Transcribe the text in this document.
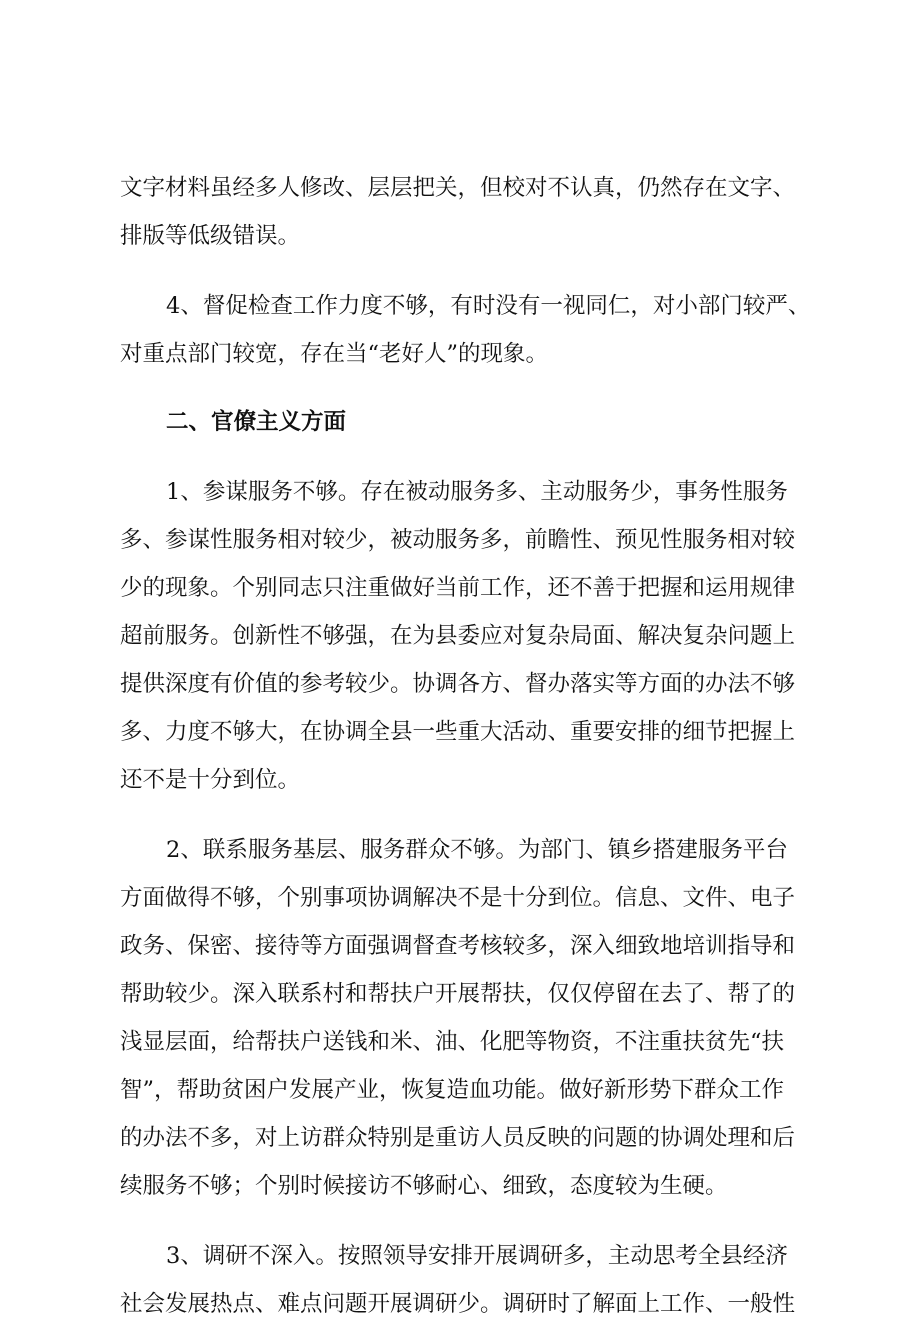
文字材料虽经多人修改、层层把关，但校对不认真，仍然存在文字、
排版等低级错误。
4、督促检查工作力度不够，有时没有一视同仁，对小部门较严、
对重点部门较宽，存在当“老好人”的现象。
二、官僚主义方面
1、参谋服务不够。存在被动服务多、主动服务少，事务性服务
多、参谋性服务相对较少，被动服务多，前瞻性、预见性服务相对较
少的现象。个别同志只注重做好当前工作，还不善于把握和运用规律
超前服务。创新性不够强，在为县委应对复杂局面、解决复杂问题上
提供深度有价值的参考较少。协调各方、督办落实等方面的办法不够
多、力度不够大，在协调全县一些重大活动、重要安排的细节把握上
还不是十分到位。
2、联系服务基层、服务群众不够。为部门、镇乡搭建服务平台
方面做得不够，个别事项协调解决不是十分到位。信息、文件、电子
政务、保密、接待等方面强调督查考核较多，深入细致地培训指导和
帮助较少。深入联系村和帮扶户开展帮扶，仅仅停留在去了、帮了的
浅显层面，给帮扶户送钱和米、油、化肥等物资，不注重扶贫先“扶
智”，帮助贫困户发展产业，恢复造血功能。做好新形势下群众工作
的办法不多，对上访群众特别是重访人员反映的问题的协调处理和后
续服务不够；个别时候接访不够耐心、细致，态度较为生硬。
3、调研不深入。按照领导安排开展调研多，主动思考全县经济
社会发展热点、难点问题开展调研少。调研时了解面上工作、一般性
